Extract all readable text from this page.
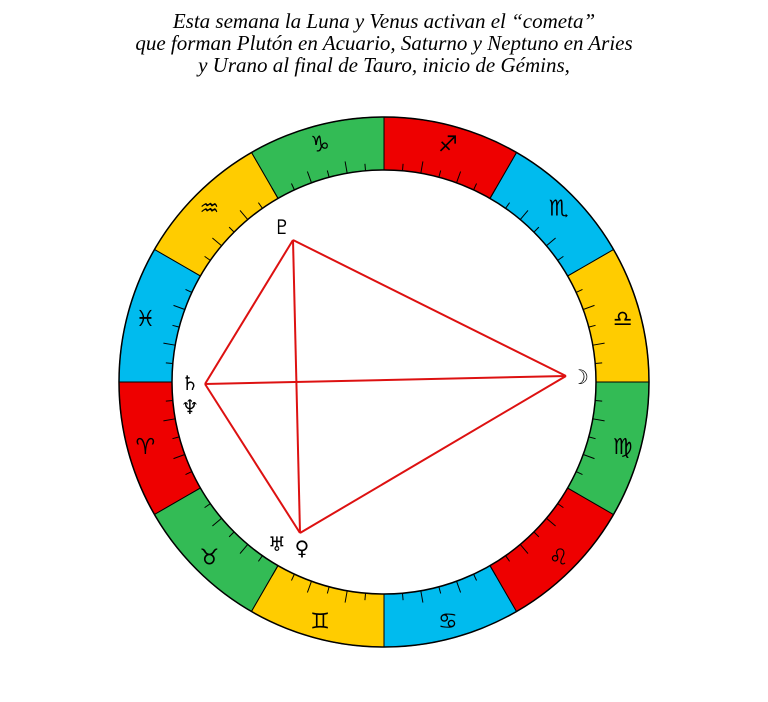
Esta semana la Luna y Venus activan el “cometa”
que forman Plutón en Acuario, Saturno y Neptuno en Aries
y Urano al final de Tauro, inicio de Gémins,
♈
♉
♊	♋
♌
♍
♎
♏
♐
♑
♒
♓
♇
♄
♆
♅ ♀
☽
